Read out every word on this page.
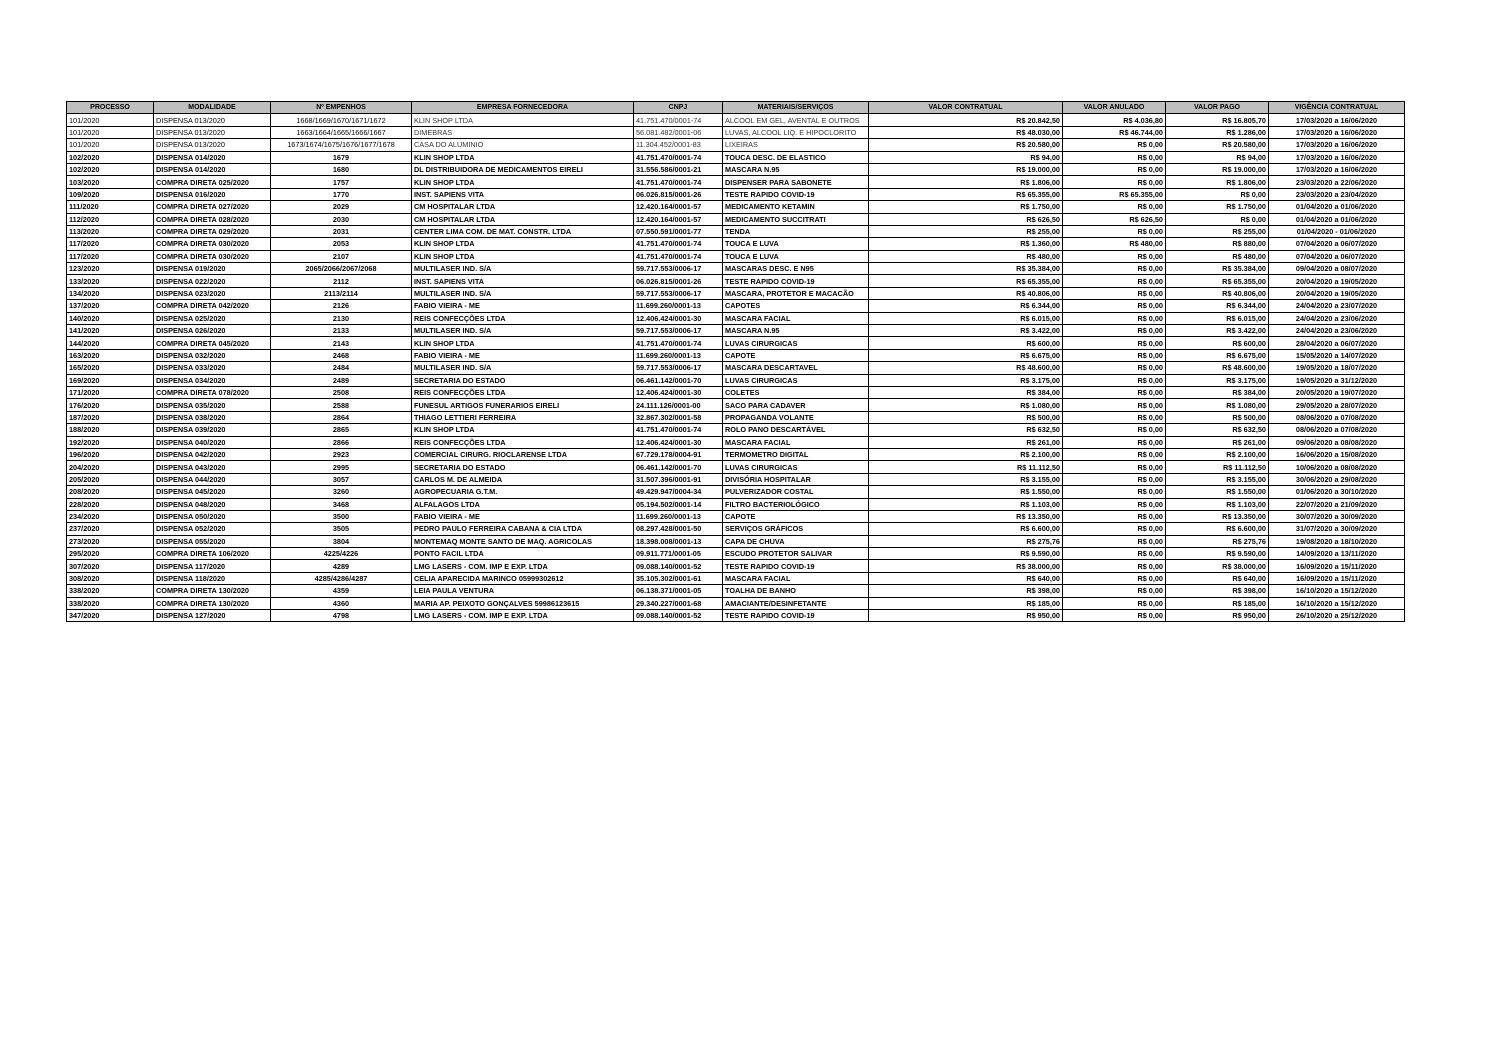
PROCESSO	MODALIDADE	Nº EMPENHOS	EMPRESA FORNECEDORA	CNPJ	MATERIAIS/SERVIÇOS	VALOR CONTRATUAL	VALOR ANULADO	VALOR PAGO	VIGÊNCIA CONTRATUAL
101/2020	DISPENSA 013/2020	1668/1669/1670/1671/1672	KLIN SHOP LTDA	41.751.470/0001-74	ALCOOL EM GEL, AVENTAL E OUTROS	R$ 20.842,50	R$ 4.036,80	R$ 16.805,70	17/03/2020 a 16/06/2020
101/2020	DISPENSA 013/2020	1663/1664/1665/1666/1667	DIMEBRAS	56.081.482/0001-06	LUVAS, ALCOOL LIQ. E HIPOCLORITO	R$ 48.030,00	R$ 46.744,00	R$ 1.286,00	17/03/2020 a 16/06/2020
101/2020	DISPENSA 013/2020	1673/1674/1675/1676/1677/1678	CASA DO ALUMINIO	11.304.452/0001-83	LIXEIRAS	R$ 20.580,00	R$ 0,00	R$ 20.580,00	17/03/2020 a 16/06/2020
102/2020	DISPENSA 014/2020	1679	KLIN SHOP LTDA	41.751.470/0001-74	TOUCA DESC. DE ELASTICO	R$ 94,00	R$ 0,00	R$ 94,00	17/03/2020 a 16/06/2020
102/2020	DISPENSA 014/2020	1680	DL DISTRIBUIDORA DE MEDICAMENTOS EIRELI	31.556.586/0001-21	MASCARA N.95	R$ 19.000,00	R$ 0,00	R$ 19.000,00	17/03/2020 a 16/06/2020
103/2020	COMPRA DIRETA 025/2020	1757	KLIN SHOP LTDA	41.751.470/0001-74	DISPENSER PARA SABONETE	R$ 1.806,00	R$ 0,00	R$ 1.806,00	23/03/2020 a 22/06/2020
109/2020	DISPENSA 016/2020	1770	INST. SAPIENS VITA	06.026.815/0001-26	TESTE RAPIDO COVID-19	R$ 65.355,00	R$ 65.355,00	R$ 0,00	23/03/2020 a 23/04/2020
111/2020	COMPRA DIRETA 027/2020	2029	CM HOSPITALAR LTDA	12.420.164/0001-57	MEDICAMENTO KETAMIN	R$ 1.750,00	R$ 0,00	R$ 1.750,00	01/04/2020 a 01/06/2020
112/2020	COMPRA DIRETA 028/2020	2030	CM HOSPITALAR LTDA	12.420.164/0001-57	MEDICAMENTO SUCCITRATI	R$ 626,50	R$ 626,50	R$ 0,00	01/04/2020 a 01/06/2020
113/2020	COMPRA DIRETA 029/2020	2031	CENTER LIMA COM. DE MAT. CONSTR. LTDA	07.550.591/0001-77	TENDA	R$ 255,00	R$ 0,00	R$ 255,00	01/04/2020 - 01/06/2020
117/2020	COMPRA DIRETA 030/2020	2053	KLIN SHOP LTDA	41.751.470/0001-74	TOUCA E LUVA	R$ 1.360,00	R$ 480,00	R$ 880,00	07/04/2020 a 06/07/2020
117/2020	COMPRA DIRETA 030/2020	2107	KLIN SHOP LTDA	41.751.470/0001-74	TOUCA E LUVA	R$ 480,00	R$ 0,00	R$ 480,00	07/04/2020 a 06/07/2020
123/2020	DISPENSA 019/2020	2065/2066/2067/2068	MULTILASER IND. S/A	59.717.553/0006-17	MASCARAS DESC. E N95	R$ 35.384,00	R$ 0,00	R$ 35.384,00	09/04/2020 a 08/07/2020
133/2020	DISPENSA 022/2020	2112	INST. SAPIENS VITA	06.026.815/0001-26	TESTE RAPIDO COVID-19	R$ 65.355,00	R$ 0,00	R$ 65.355,00	20/04/2020 a 19/05/2020
134/2020	DISPENSA 023/2020	2113/2114	MULTILASER IND. S/A	59.717.553/0006-17	MASCARA, PROTETOR E MACACÃO	R$ 40.806,00	R$ 0,00	R$ 40.806,00	20/04/2020 a 19/05/2020
137/2020	COMPRA DIRETA 042/2020	2126	FABIO VIEIRA - ME	11.699.260/0001-13	CAPOTES	R$ 6.344,00	R$ 0,00	R$ 6.344,00	24/04/2020 a 23/07/2020
140/2020	DISPENSA 025/2020	2130	REIS CONFECÇÕES LTDA	12.406.424/0001-30	MASCARA FACIAL	R$ 6.015,00	R$ 0,00	R$ 6.015,00	24/04/2020 a 23/06/2020
141/2020	DISPENSA 026/2020	2133	MULTILASER IND. S/A	59.717.553/0006-17	MASCARA N.95	R$ 3.422,00	R$ 0,00	R$ 3.422,00	24/04/2020 a 23/06/2020
144/2020	COMPRA DIRETA 045/2020	2143	KLIN SHOP LTDA	41.751.470/0001-74	LUVAS CIRURGICAS	R$ 600,00	R$ 0,00	R$ 600,00	28/04/2020 a 06/07/2020
163/2020	DISPENSA 032/2020	2468	FABIO VIEIRA - ME	11.699.260/0001-13	CAPOTE	R$ 6.675,00	R$ 0,00	R$ 6.675,00	15/05/2020 a 14/07/2020
165/2020	DISPENSA 033/2020	2484	MULTILASER IND. S/A	59.717.553/0006-17	MASCARA DESCARTAVEL	R$ 48.600,00	R$ 0,00	R$ 48.600,00	19/05/2020 a 18/07/2020
169/2020	DISPENSA 034/2020	2489	SECRETARIA DO ESTADO	06.461.142/0001-70	LUVAS CIRURGICAS	R$ 3.175,00	R$ 0,00	R$ 3.175,00	19/05/2020 a 31/12/2020
171/2020	COMPRA DIRETA 078/2020	2508	REIS CONFECÇÕES LTDA	12.406.424/0001-30	COLETES	R$ 384,00	R$ 0,00	R$ 384,00	20/05/2020 a 19/07/2020
176/2020	DISPENSA 035/2020	2588	FUNESUL ARTIGOS FUNERARIOS EIRELI	24.111.126/0001-00	SACO PARA CADAVER	R$ 1.080,00	R$ 0,00	R$ 1.080,00	29/05/2020 a 28/07/2020
187/2020	DISPENSA 038/2020	2864	THIAGO LETTIERI FERREIRA	32.867.302/0001-58	PROPAGANDA VOLANTE	R$ 500,00	R$ 0,00	R$ 500,00	08/06/2020 a 07/08/2020
188/2020	DISPENSA 039/2020	2865	KLIN SHOP LTDA	41.751.470/0001-74	ROLO PANO DESCARTÁVEL	R$ 632,50	R$ 0,00	R$ 632,50	08/06/2020 a 07/08/2020
192/2020	DISPENSA 040/2020	2866	REIS CONFECÇÕES LTDA	12.406.424/0001-30	MASCARA FACIAL	R$ 261,00	R$ 0,00	R$ 261,00	09/06/2020 a 08/08/2020
196/2020	DISPENSA 042/2020	2923	COMERCIAL CIRURG. RIOCLARENSE LTDA	67.729.178/0004-91	TERMOMETRO DIGITAL	R$ 2.100,00	R$ 0,00	R$ 2.100,00	16/06/2020 a 15/08/2020
204/2020	DISPENSA 043/2020	2995	SECRETARIA DO ESTADO	06.461.142/0001-70	LUVAS CIRURGICAS	R$ 11.112,50	R$ 0,00	R$ 11.112,50	10/06/2020 a 08/08/2020
205/2020	DISPENSA 044/2020	3057	CARLOS M. DE ALMEIDA	31.507.396/0001-91	DIVISÓRIA HOSPITALAR	R$ 3.155,00	R$ 0,00	R$ 3.155,00	30/06/2020 a 29/08/2020
208/2020	DISPENSA 045/2020	3260	AGROPECUARIA G.T.M.	49.429.947/0004-34	PULVERIZADOR COSTAL	R$ 1.550,00	R$ 0,00	R$ 1.550,00	01/06/2020 a 30/10/2020
228/2020	DISPENSA 048/2020	3468	ALFALAGOS LTDA	05.194.502/0001-14	FILTRO BACTERIOLÓGICO	R$ 1.103,00	R$ 0,00	R$ 1.103,00	22/07/2020 a 21/09/2020
234/2020	DISPENSA 050/2020	3500	FABIO VIEIRA - ME	11.699.260/0001-13	CAPOTE	R$ 13.350,00	R$ 0,00	R$ 13.350,00	30/07/2020 a 30/09/2020
237/2020	DISPENSA 052/2020	3505	PEDRO PAULO FERREIRA CABANA & CIA LTDA	08.297.428/0001-50	SERVIÇOS GRÁFICOS	R$ 6.600,00	R$ 0,00	R$ 6.600,00	31/07/2020 a 30/09/2020
273/2020	DISPENSA 055/2020	3804	MONTEMAQ MONTE SANTO DE MAQ. AGRICOLAS	18.398.008/0001-13	CAPA DE CHUVA	R$ 275,76	R$ 0,00	R$ 275,76	19/08/2020 a 18/10/2020
295/2020	COMPRA DIRETA 106/2020	4225/4226	PONTO FACIL LTDA	09.911.771/0001-05	ESCUDO PROTETOR SALIVAR	R$ 9.590,00	R$ 0,00	R$ 9.590,00	14/09/2020 a 13/11/2020
307/2020	DISPENSA 117/2020	4289	LMG LASERS - COM. IMP E EXP. LTDA	09.088.140/0001-52	TESTE RAPIDO COVID-19	R$ 38.000,00	R$ 0,00	R$ 38.000,00	16/09/2020 a 15/11/2020
308/2020	DISPENSA 118/2020	4285/4286/4287	CELIA APARECIDA MARINCO 05999302612	35.105.302/0001-61	MASCARA FACIAL	R$ 640,00	R$ 0,00	R$ 640,00	16/09/2020 a 15/11/2020
338/2020	COMPRA DIRETA 130/2020	4359	LEIA PAULA VENTURA	06.138.371/0001-05	TOALHA DE BANHO	R$ 398,00	R$ 0,00	R$ 398,00	16/10/2020 a 15/12/2020
338/2020	COMPRA DIRETA 130/2020	4360	MARIA AP. PEIXOTO GONÇALVES 59986123615	29.340.227/0001-68	AMACIANTE/DESINFETANTE	R$ 185,00	R$ 0,00	R$ 185,00	16/10/2020 a 15/12/2020
347/2020	DISPENSA 127/2020	4798	LMG LASERS - COM. IMP E EXP. LTDA	09.088.140/0001-52	TESTE RAPIDO COVID-19	R$ 950,00	R$ 0,00	R$ 950,00	26/10/2020 a 25/12/2020
